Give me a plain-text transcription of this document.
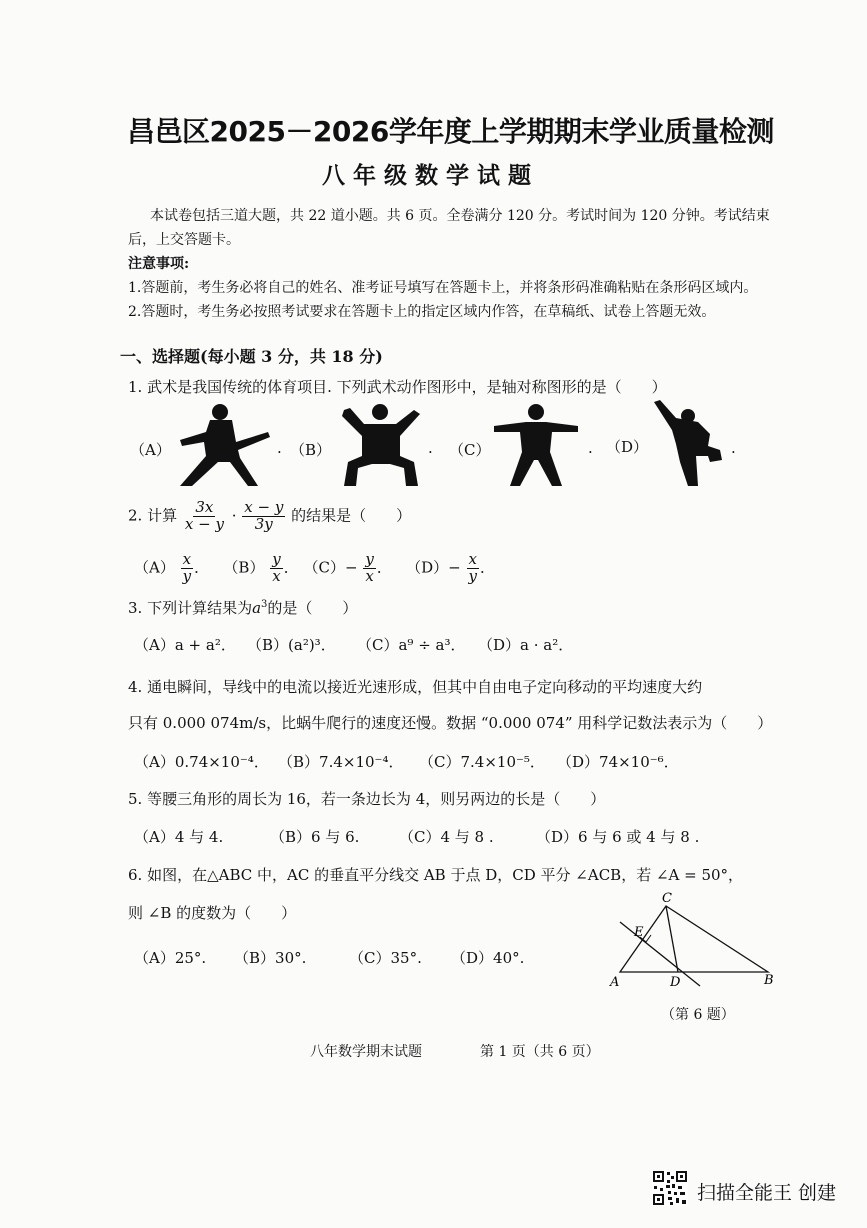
昌邑区2025－2026学年度上学期期末学业质量检测
八 年 级 数 学 试 题
本试卷包括三道大题，共 22 道小题。共 6 页。全卷满分 120 分。考试时间为 120 分钟。考试结束
后，上交答题卡。
注意事项:
1.答题前，考生务必将自己的姓名、准考证号填写在答题卡上，并将条形码准确粘贴在条形码区域内。
2.答题时，考生务必按照考试要求在答题卡上的指定区域内作答，在草稿纸、试卷上答题无效。
一、选择题(每小题 3 分，共 18 分)
1. 武术是我国传统的体育项目. 下列武术动作图形中，是轴对称图形的是（　　）
（A）	. （B）	. （C）	. （D）	.
2. 计算 $\frac{3x}{x - y} \cdot \frac{x - y}{3y}$ 的结果是（　　）
$(A) \frac{x}{y}$ ．   $(B) \frac{y}{x}$ ． $(C)- \frac{y}{x}$ ．   $(D)- \frac{x}{y}$ ．
3. 下列计算结果为$a^3$的是（　　）
（A）a + a²． （B）(a²)³． （C）a⁹ ÷ a³． （D）a · a²．
4. 通电瞬间，导线中的电流以接近光速形成，但其中自由电子定向移动的平均速度大约
只有 0.000 074m/s，比蜗牛爬行的速度还慢。数据 “0.000 074” 用科学记数法表示为（　　）
（A）0.74×10⁻⁴． （B）7.4×10⁻⁴． （C）7.4×10⁻⁵． （D）74×10⁻⁶．
5. 等腰三角形的周长为 16，若一条边长为 4，则另两边的长是（　　）
（A）4 与 4.	（B）6 与 6.	（C）4 与 8 .	（D）6 与 6 或 4 与 8 .
6. 如图，在△ABC 中，AC 的垂直平分线交 AB 于点 D，CD 平分 ∠ACB，若 ∠A = 50°，
则 ∠B 的度数为（　　）
（A）25°. （B）30°.	（C）35°. （D）40°.
A	B
C
D
E
（第 6 题）
八年数学期末试题	第 1 页（共 6 页）
扫描全能王 创建
